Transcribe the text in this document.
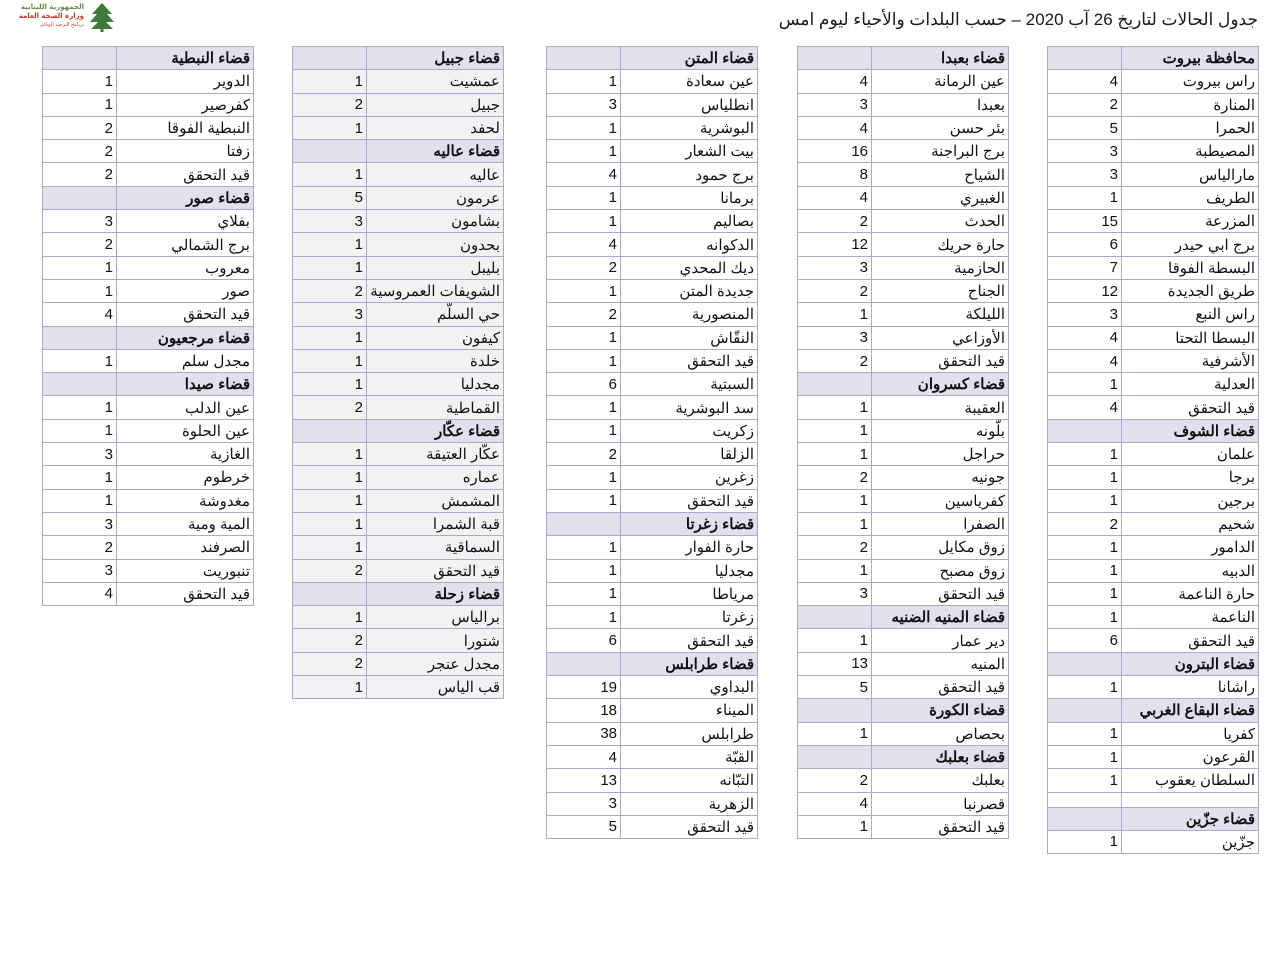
الجمهورية اللبنانية
وزارة الصحة العامة
برنامج الترصد الوبائي	جدول الحالات لتاريخ 26 آب 2020 – حسب البلدات والأحياء ليوم امس
	محافظة بيروت
4	راس بيروت
2	المنارة
5	الحمرا
3	المصيطبة
3	مارالياس
1	الطريف
15	المزرعة
6	برج ابي حيدر
7	البسطة الفوقا
12	طريق الجديدة
3	راس النبع
4	البسطا التحتا
4	الأشرفية
1	العدلية
4	قيد التحقق
	قضاء الشوف
1	علمان
1	برجا
1	برجين
2	شحيم
1	الدامور
1	الدبيه
1	حارة الناعمة
1	الناعمة
6	قيد التحقق
	قضاء البترون
1	راشانا
	قضاء البقاع الغربي
1	كفريا
1	القرعون
1	السلطان يعقوب

	قضاء جزّين
1	جزّين
	قضاء بعبدا
4	عين الرمانة
3	بعبدا
4	بئر حسن
16	برج البراجنة
8	الشياح
4	الغبيري
2	الحدث
12	حارة حريك
3	الحازمية
2	الجناح
1	الليلكة
3	الأوزاعي
2	قيد التحقق
	قضاء كسروان
1	العقيبة
1	بلّونه
1	حراجل
2	جونيه
1	كفرياسين
1	الصفرا
2	زوق مكايل
1	زوق مصبح
3	قيد التحقق
	قضاء المنيه الضنيه
1	دير عمار
13	المنيه
5	قيد التحقق
	قضاء الكورة
1	بحصاص
	قضاء بعلبك
2	بعلبك
4	قصرنبا
1	قيد التحقق
	قضاء المتن
1	عين سعادة
3	انطلياس
1	البوشرية
1	بيت الشعار
4	برج حمود
1	برمانا
1	بصاليم
4	الدكوانه
2	ديك المحدي
1	جديدة المتن
2	المنصورية
1	النقّاش
1	قيد التحقق
6	السبتية
1	سد البوشرية
1	زكريت
2	الزلقا
1	زغرين
1	قيد التحقق
	قضاء زغرتا
1	حارة الفوار
1	مجدليا
1	مرياطا
1	زغرتا
6	قيد التحقق
	قضاء طرابلس
19	البداوي
18	الميناء
38	طرابلس
4	القبّة
13	التبّانه
3	الزهرية
5	قيد التحقق
	قضاء جبيل
1	عمشيت
2	جبيل
1	لحفد
	قضاء عاليه
1	عاليه
5	عرمون
3	بشامون
1	بحدون
1	بليبل
2	الشويفات العمروسية
3	حي السلّم
1	كيفون
1	خلدة
1	مجدليا
2	القماطية
	قضاء عكّار
1	عكّار العتيقة
1	عماره
1	المشمش
1	قبة الشمرا
1	السماقية
2	قيد التحقق
	قضاء زحلة
1	برالياس
2	شتورا
2	مجدل عنجر
1	قب الياس
	قضاء النبطية
1	الدوير
1	كفرصير
2	النبطية الفوقا
2	زفتا
2	قيد التحقق
	قضاء صور
3	بفلاي
2	برج الشمالي
1	معروب
1	صور
4	قيد التحقق
	قضاء مرجعيون
1	مجدل سلم
	قضاء صيدا
1	عين الدلب
1	عين الحلوة
3	الغازية
1	خرطوم
1	مغدوشة
3	المية ومية
2	الصرفند
3	تنبوريت
4	قيد التحقق
